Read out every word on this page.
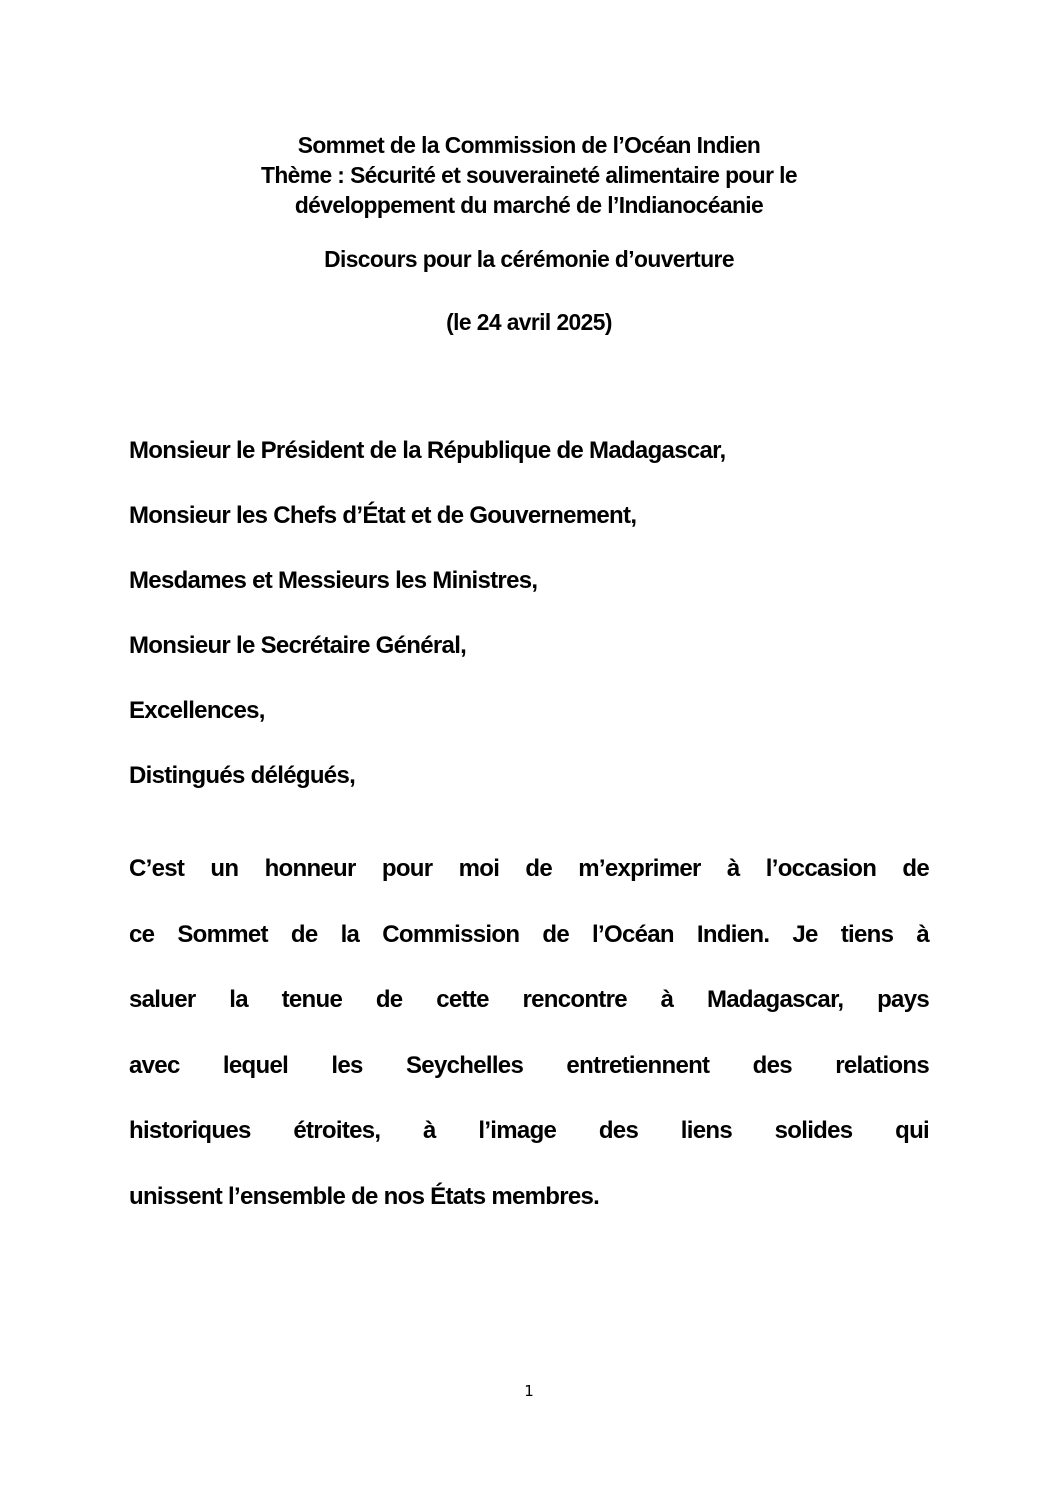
Sommet de la Commission de l’Océan Indien
Thème : Sécurité et souveraineté alimentaire pour le
développement du marché de l’Indianocéanie
Discours pour la cérémonie d’ouverture
(le 24 avril 2025)
Monsieur le Président de la République de Madagascar,
Monsieur les Chefs d’État et de Gouvernement,
Mesdames et Messieurs les Ministres,
Monsieur le Secrétaire Général,
Excellences,
Distingués délégués,
C’est un honneur pour moi de m’exprimer à l’occasion de
ce Sommet de la Commission de l’Océan Indien. Je tiens à
saluer la tenue de cette rencontre à Madagascar, pays
avec lequel les Seychelles entretiennent des relations
historiques étroites, à l’image des liens solides qui
unissent l’ensemble de nos États membres.
1
